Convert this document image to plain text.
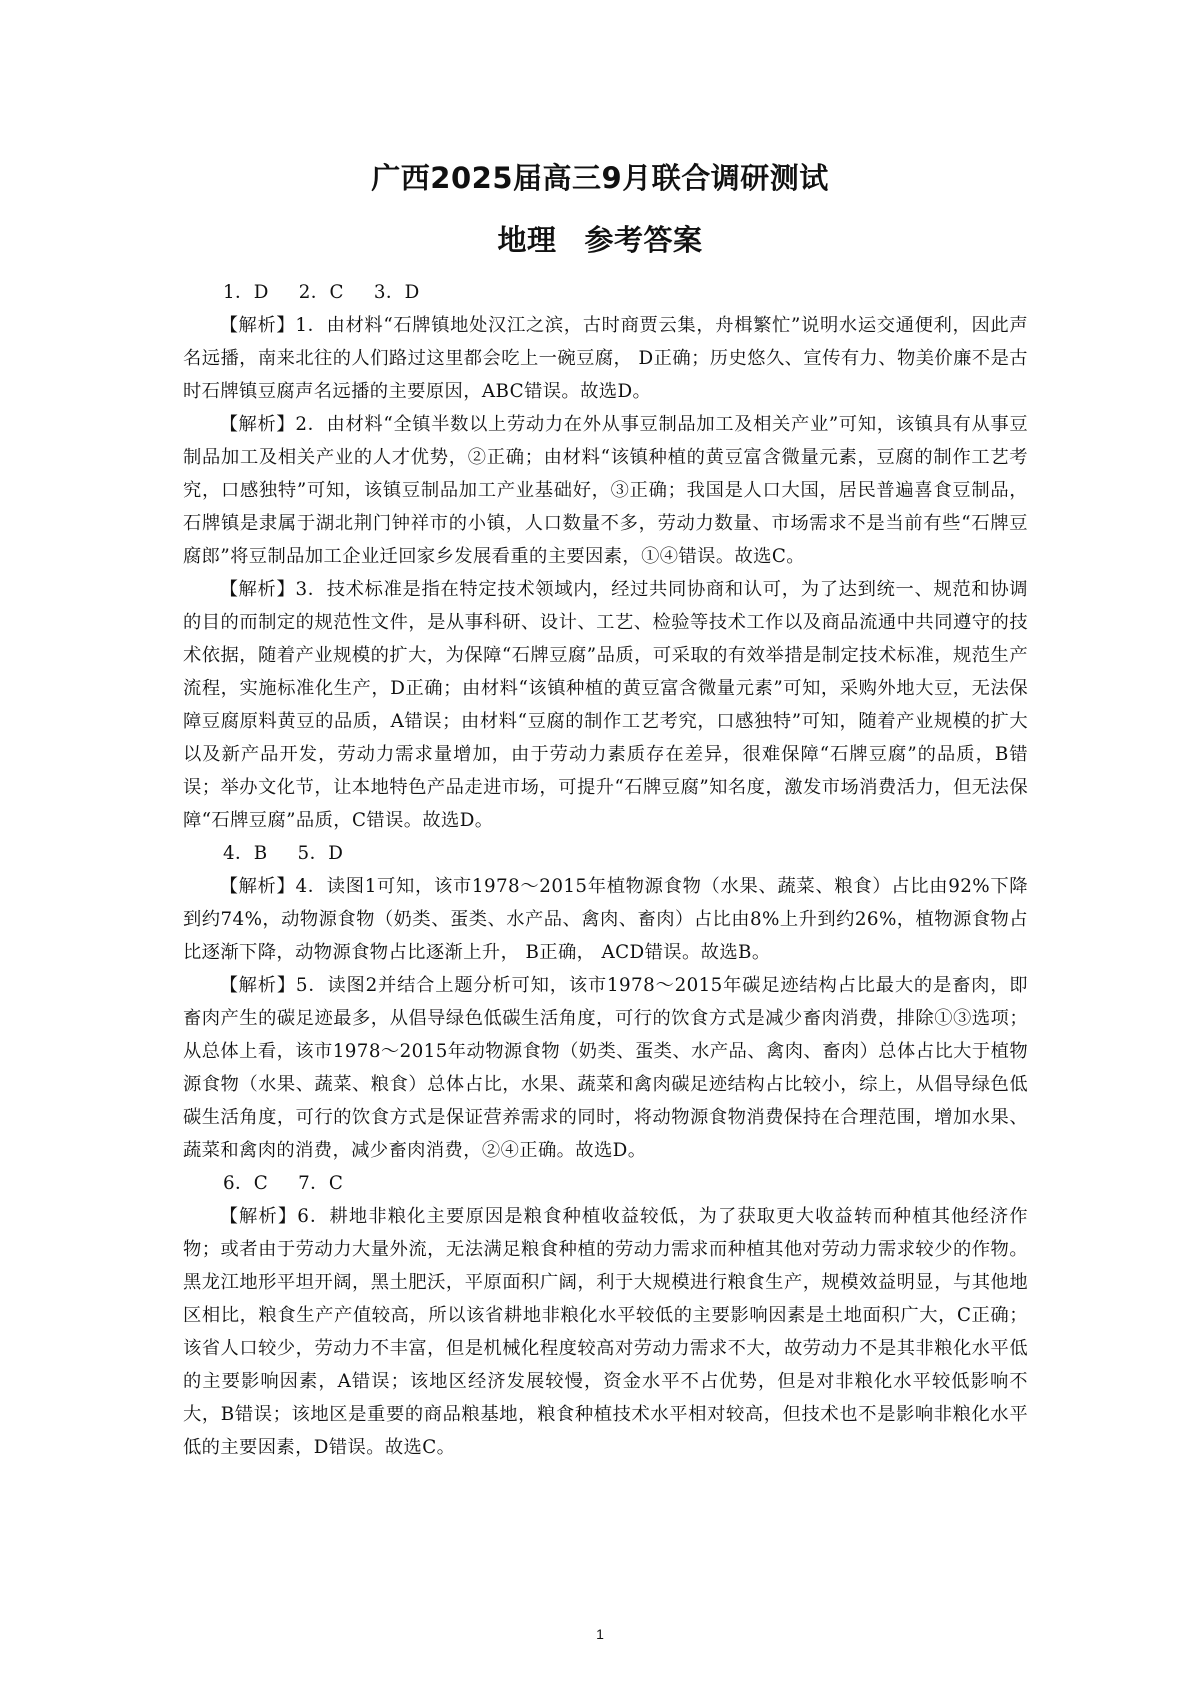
广西2025届高三9月联合调研测试
地理 参考答案

1．D 2．C 3．D

【解析】1．由材料“石牌镇地处汉江之滨，古时商贾云集，舟楫繁忙”说明水运交通便利，因此声名远播，南来北往的人们路过这里都会吃上一碗豆腐， D正确；历史悠久、宣传有力、物美价廉不是古时石牌镇豆腐声名远播的主要原因，ABC错误。故选D。

【解析】2．由材料“全镇半数以上劳动力在外从事豆制品加工及相关产业”可知，该镇具有从事豆制品加工及相关产业的人才优势，②正确；由材料“该镇种植的黄豆富含微量元素，豆腐的制作工艺考究，口感独特”可知，该镇豆制品加工产业基础好，③正确；我国是人口大国，居民普遍喜食豆制品，石牌镇是隶属于湖北荆门钟祥市的小镇，人口数量不多，劳动力数量、市场需求不是当前有些“石牌豆腐郎”将豆制品加工企业迁回家乡发展看重的主要因素，①④错误。故选C。

【解析】3．技术标准是指在特定技术领域内，经过共同协商和认可，为了达到统一、规范和协调的目的而制定的规范性文件，是从事科研、设计、工艺、检验等技术工作以及商品流通中共同遵守的技术依据，随着产业规模的扩大，为保障“石牌豆腐”品质，可采取的有效举措是制定技术标准，规范生产流程，实施标准化生产，D正确；由材料“该镇种植的黄豆富含微量元素”可知，采购外地大豆，无法保障豆腐原料黄豆的品质，A错误；由材料“豆腐的制作工艺考究，口感独特”可知，随着产业规模的扩大以及新产品开发，劳动力需求量增加，由于劳动力素质存在差异，很难保障“石牌豆腐”的品质，B错误；举办文化节，让本地特色产品走进市场，可提升“石牌豆腐”知名度，激发市场消费活力，但无法保障“石牌豆腐”品质，C错误。故选D。

4．B 5．D

【解析】4．读图1可知，该市1978～2015年植物源食物（水果、蔬菜、粮食）占比由92%下降到约74%，动物源食物（奶类、蛋类、水产品、禽肉、畜肉）占比由8%上升到约26%，植物源食物占比逐渐下降，动物源食物占比逐渐上升， B正确， ACD错误。故选B。

【解析】5．读图2并结合上题分析可知，该市1978～2015年碳足迹结构占比最大的是畜肉，即畜肉产生的碳足迹最多，从倡导绿色低碳生活角度，可行的饮食方式是减少畜肉消费，排除①③选项；从总体上看，该市1978～2015年动物源食物（奶类、蛋类、水产品、禽肉、畜肉）总体占比大于植物源食物（水果、蔬菜、粮食）总体占比，水果、蔬菜和禽肉碳足迹结构占比较小，综上，从倡导绿色低碳生活角度，可行的饮食方式是保证营养需求的同时，将动物源食物消费保持在合理范围，增加水果、蔬菜和禽肉的消费，减少畜肉消费，②④正确。故选D。

6．C 7．C

【解析】6．耕地非粮化主要原因是粮食种植收益较低，为了获取更大收益转而种植其他经济作物；或者由于劳动力大量外流，无法满足粮食种植的劳动力需求而种植其他对劳动力需求较少的作物。黑龙江地形平坦开阔，黑土肥沃，平原面积广阔，利于大规模进行粮食生产，规模效益明显，与其他地区相比，粮食生产产值较高，所以该省耕地非粮化水平较低的主要影响因素是土地面积广大，C正确；该省人口较少，劳动力不丰富，但是机械化程度较高对劳动力需求不大，故劳动力不是其非粮化水平低的主要影响因素，A错误；该地区经济发展较慢，资金水平不占优势，但是对非粮化水平较低影响不大，B错误；该地区是重要的商品粮基地，粮食种植技术水平相对较高，但技术也不是影响非粮化水平低的主要因素，D错误。故选C。

1
